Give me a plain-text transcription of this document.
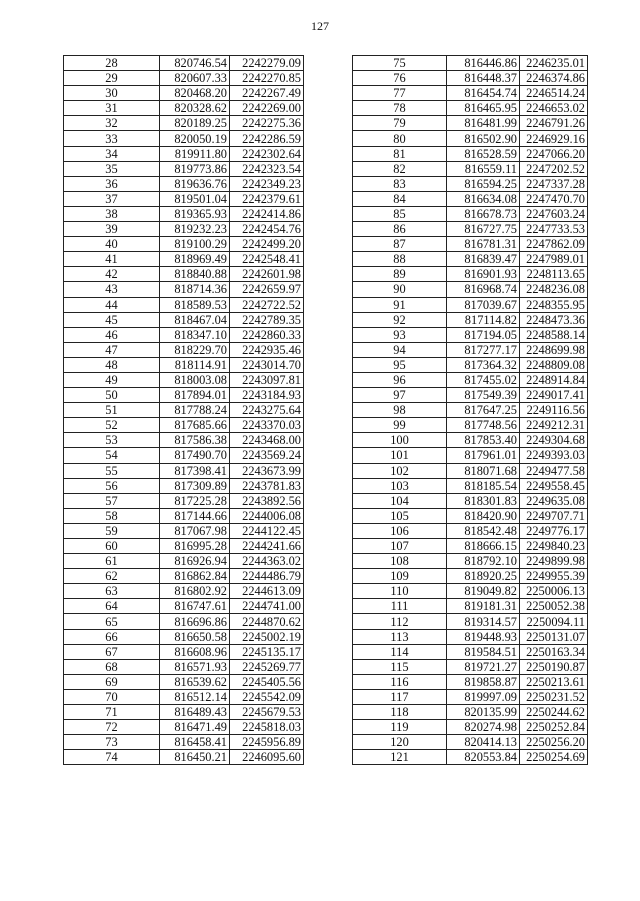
127
28	820746.54	2242279.09
29	820607.33	2242270.85
30	820468.20	2242267.49
31	820328.62	2242269.00
32	820189.25	2242275.36
33	820050.19	2242286.59
34	819911.80	2242302.64
35	819773.86	2242323.54
36	819636.76	2242349.23
37	819501.04	2242379.61
38	819365.93	2242414.86
39	819232.23	2242454.76
40	819100.29	2242499.20
41	818969.49	2242548.41
42	818840.88	2242601.98
43	818714.36	2242659.97
44	818589.53	2242722.52
45	818467.04	2242789.35
46	818347.10	2242860.33
47	818229.70	2242935.46
48	818114.91	2243014.70
49	818003.08	2243097.81
50	817894.01	2243184.93
51	817788.24	2243275.64
52	817685.66	2243370.03
53	817586.38	2243468.00
54	817490.70	2243569.24
55	817398.41	2243673.99
56	817309.89	2243781.83
57	817225.28	2243892.56
58	817144.66	2244006.08
59	817067.98	2244122.45
60	816995.28	2244241.66
61	816926.94	2244363.02
62	816862.84	2244486.79
63	816802.92	2244613.09
64	816747.61	2244741.00
65	816696.86	2244870.62
66	816650.58	2245002.19
67	816608.96	2245135.17
68	816571.93	2245269.77
69	816539.62	2245405.56
70	816512.14	2245542.09
71	816489.43	2245679.53
72	816471.49	2245818.03
73	816458.41	2245956.89
74	816450.21	2246095.60
75	816446.86	2246235.01
76	816448.37	2246374.86
77	816454.74	2246514.24
78	816465.95	2246653.02
79	816481.99	2246791.26
80	816502.90	2246929.16
81	816528.59	2247066.20
82	816559.11	2247202.52
83	816594.25	2247337.28
84	816634.08	2247470.70
85	816678.73	2247603.24
86	816727.75	2247733.53
87	816781.31	2247862.09
88	816839.47	2247989.01
89	816901.93	2248113.65
90	816968.74	2248236.08
91	817039.67	2248355.95
92	817114.82	2248473.36
93	817194.05	2248588.14
94	817277.17	2248699.98
95	817364.32	2248809.08
96	817455.02	2248914.84
97	817549.39	2249017.41
98	817647.25	2249116.56
99	817748.56	2249212.31
100	817853.40	2249304.68
101	817961.01	2249393.03
102	818071.68	2249477.58
103	818185.54	2249558.45
104	818301.83	2249635.08
105	818420.90	2249707.71
106	818542.48	2249776.17
107	818666.15	2249840.23
108	818792.10	2249899.98
109	818920.25	2249955.39
110	819049.82	2250006.13
111	819181.31	2250052.38
112	819314.57	2250094.11
113	819448.93	2250131.07
114	819584.51	2250163.34
115	819721.27	2250190.87
116	819858.87	2250213.61
117	819997.09	2250231.52
118	820135.99	2250244.62
119	820274.98	2250252.84
120	820414.13	2250256.20
121	820553.84	2250254.69
